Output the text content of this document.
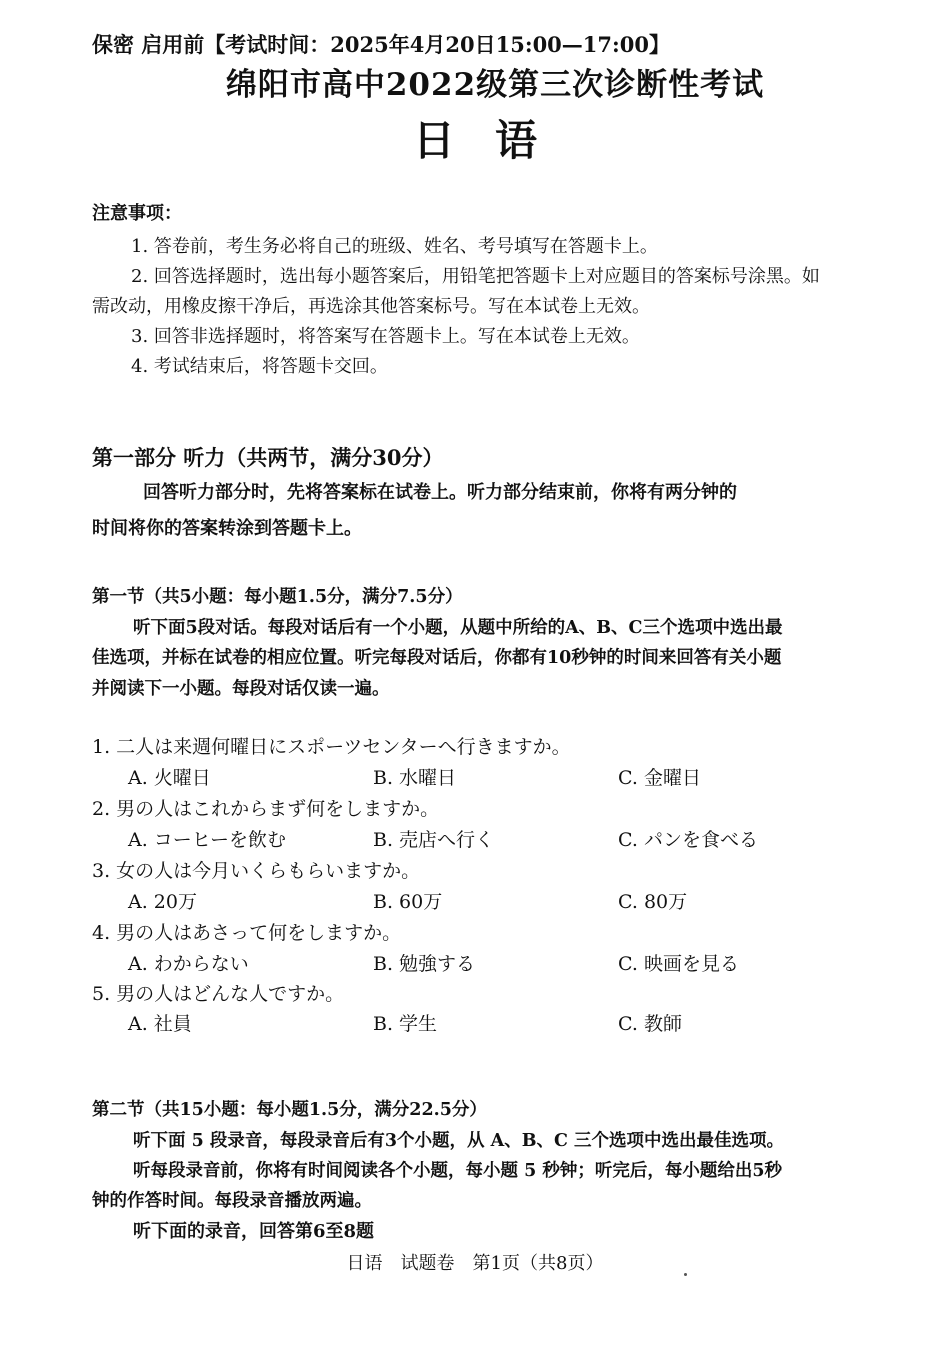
保密 启用前【考试时间：2025年4月20日15:00—17:00】
绵阳市高中2022级第三次诊断性考试
日语
注意事项：
1. 答卷前，考生务必将自己的班级、姓名、考号填写在答题卡上。
2. 回答选择题时，选出每小题答案后，用铅笔把答题卡上对应题目的答案标号涂黑。如
需改动，用橡皮擦干净后，再选涂其他答案标号。写在本试卷上无效。
3. 回答非选择题时，将答案写在答题卡上。写在本试卷上无效。
4. 考试结束后，将答题卡交回。
第一部分 听力（共两节，满分30分）
回答听力部分时，先将答案标在试卷上。听力部分结束前，你将有两分钟的
时间将你的答案转涂到答题卡上。
第一节（共5小题：每小题1.5分，满分7.5分）
听下面5段对话。每段对话后有一个小题，从题中所给的A、B、C三个选项中选出最
佳选项，并标在试卷的相应位置。听完每段对话后，你都有10秒钟的时间来回答有关小题
并阅读下一小题。每段对话仅读一遍。
1. 二人は来週何曜日にスポーツセンターへ行きますか。
A. 火曜日	B. 水曜日	C. 金曜日
2. 男の人はこれからまず何をしますか。
A. コーヒーを飲む	B. 売店へ行く	C. パンを食べる
3. 女の人は今月いくらもらいますか。
A. 20万	B. 60万	C. 80万
4. 男の人はあさって何をしますか。
A. わからない	B. 勉強する	C. 映画を見る
5. 男の人はどんな人ですか。
A. 社員	B. 学生	C. 教師
第二节（共15小题：每小题1.5分，满分22.5分）
听下面 5 段录音，每段录音后有3个小题，从 A、B、C 三个选项中选出最佳选项。
听每段录音前，你将有时间阅读各个小题，每小题 5 秒钟；听完后，每小题给出5秒
钟的作答时间。每段录音播放两遍。
听下面的录音，回答第6至8题
日语　试题卷　第1页（共8页）
